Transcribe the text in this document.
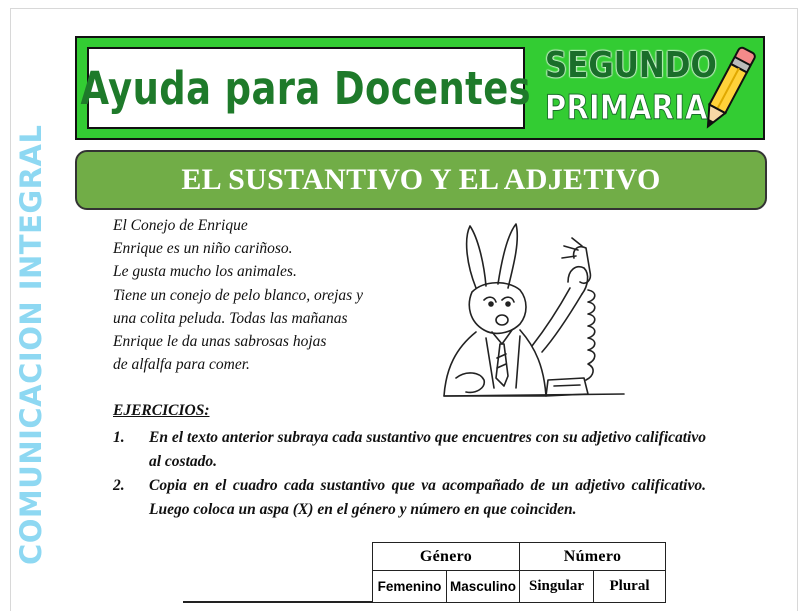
Ayuda para Docentes SEGUNDO
PRIMARIA
EL SUSTANTIVO Y EL ADJETIVO
COMUNICACION INTEGRAL	El Conejo de Enrique
Enrique es un niño cariñoso.
Le gusta mucho los animales.
Tiene un conejo de pelo blanco, orejas y
una colita peluda. Todas las mañanas
Enrique le da unas sabrosas hojas
de alfalfa para comer.
EJERCICIOS:
1.	En el texto anterior subraya cada sustantivo que encuentres con su adjetivo calificativo al costado.
2.	Copia en el cuadro cada sustantivo que va acompañado de un adjetivo calificativo. Luego coloca un aspa (X) en el género y número en que coinciden.
Género		Número	
Femenino	Masculino	Singular	Plural
